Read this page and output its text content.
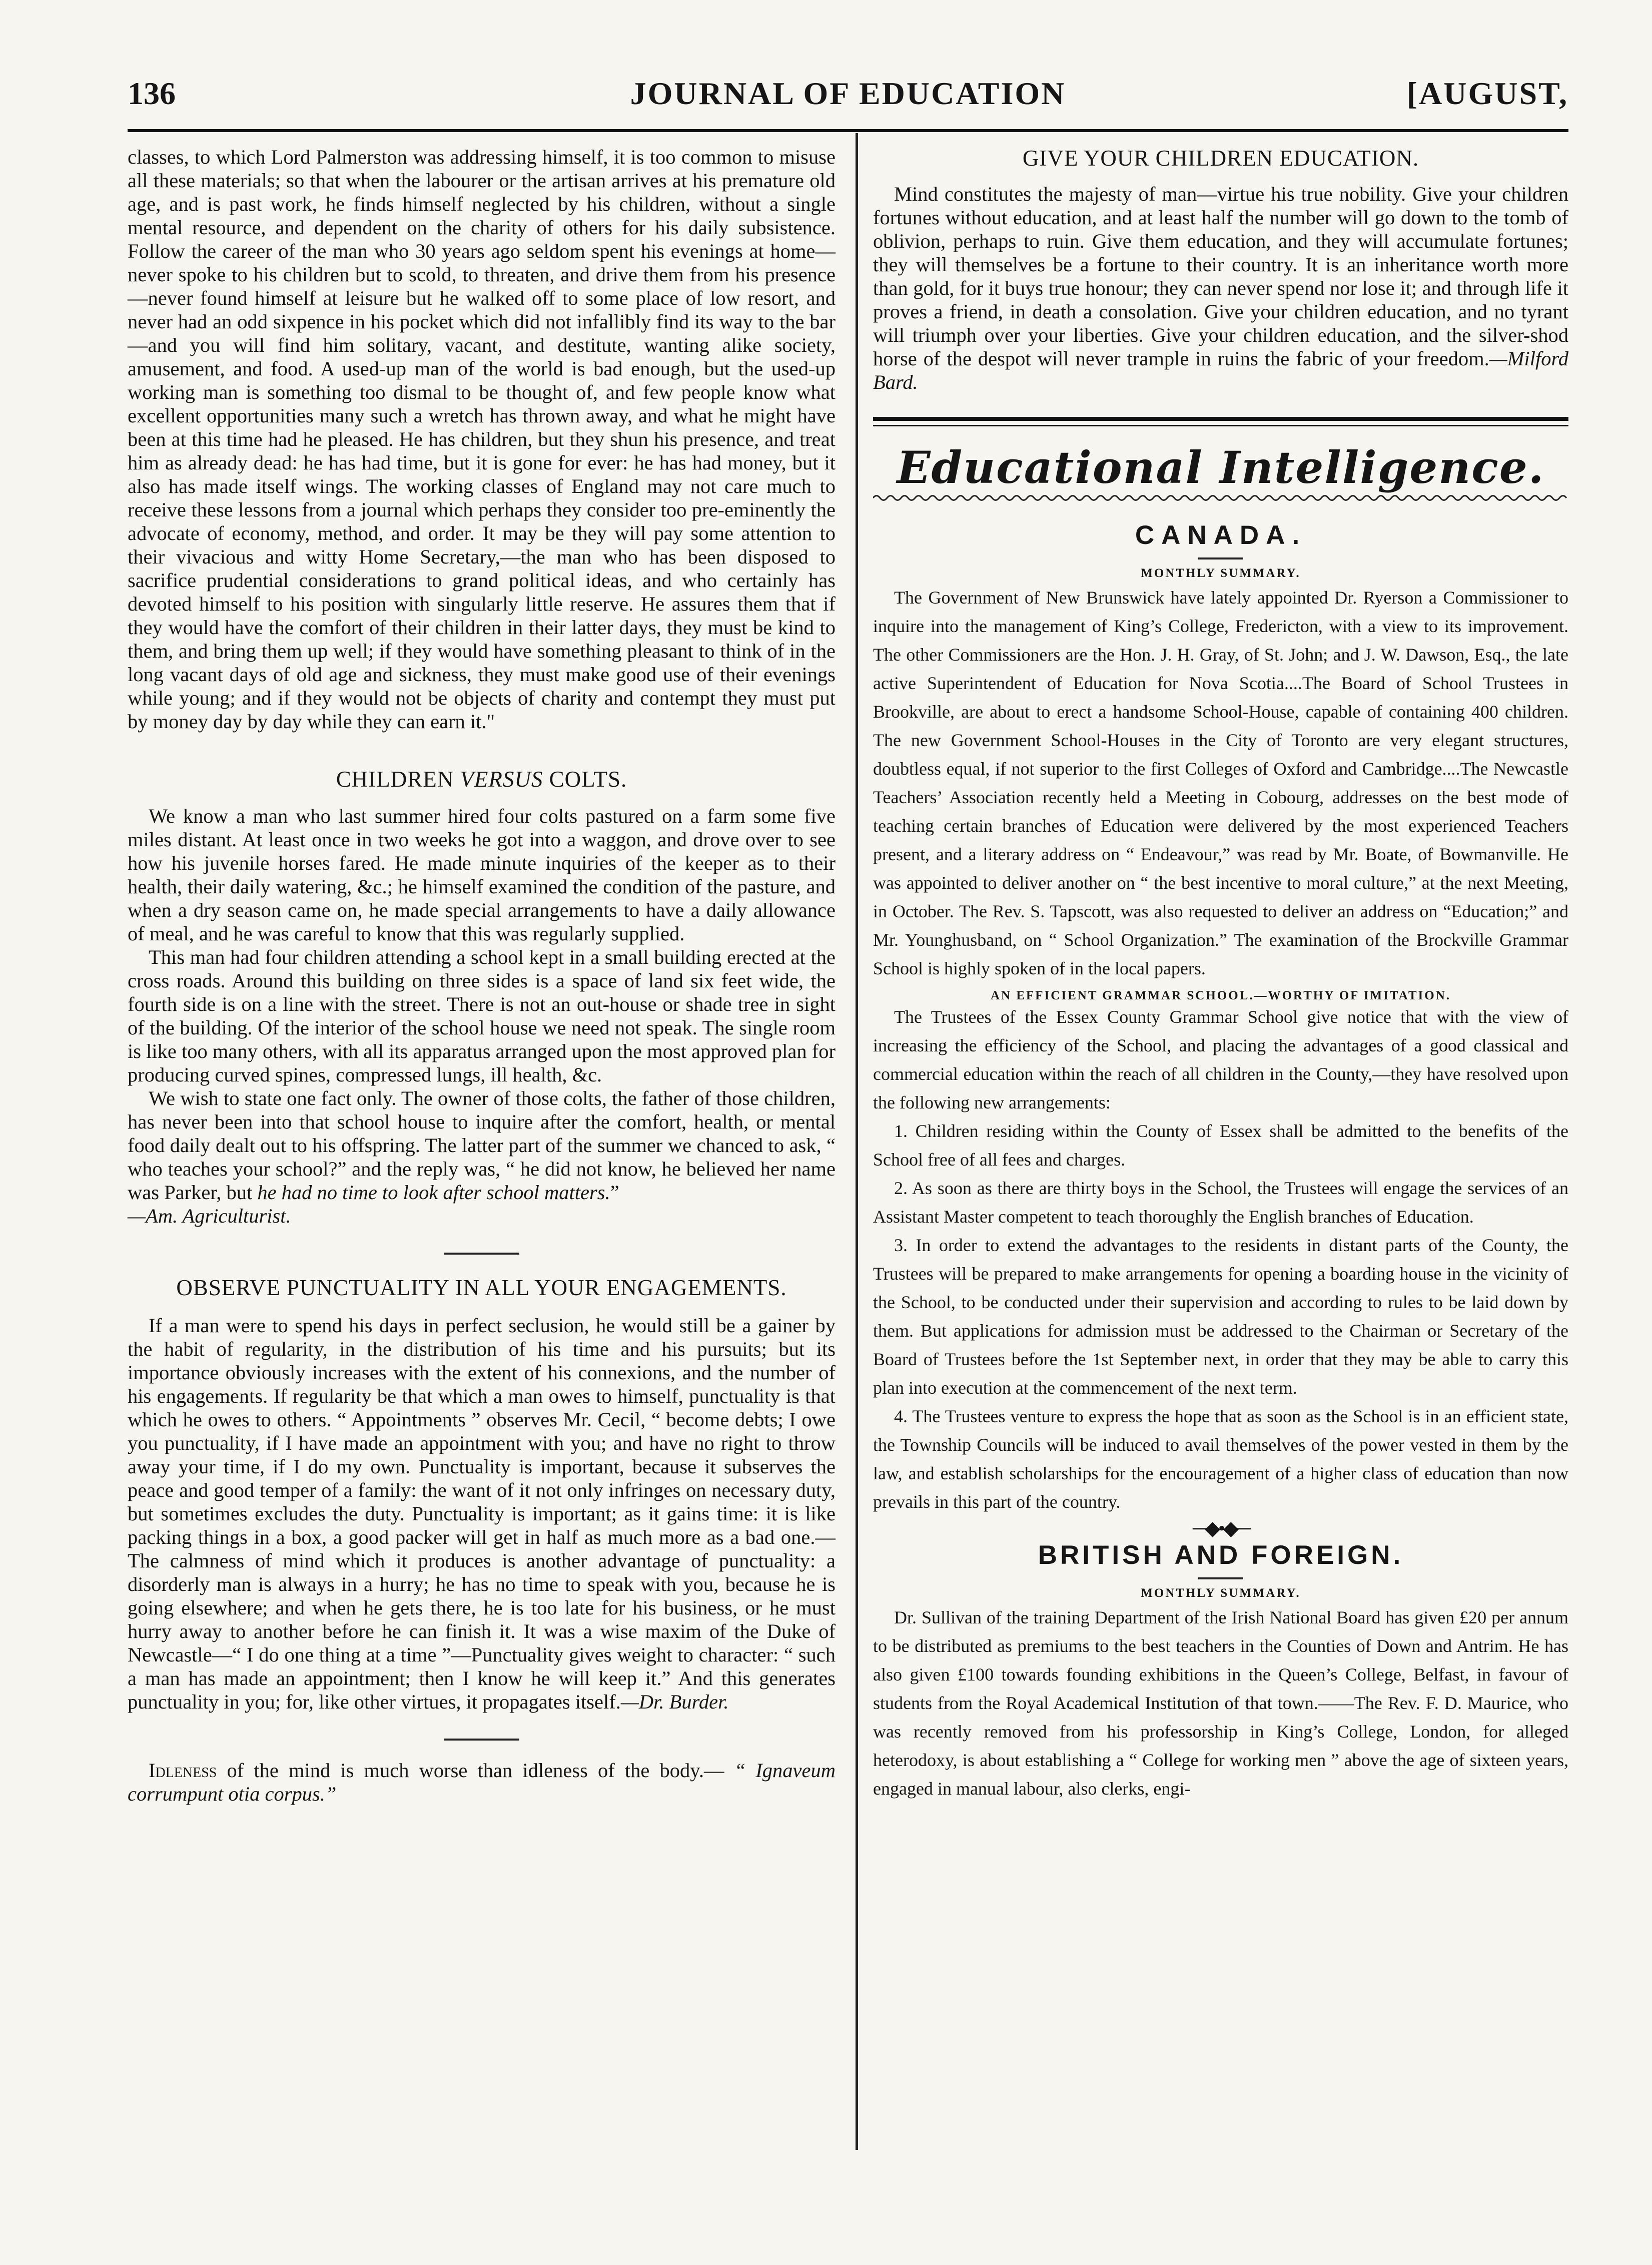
136	JOURNAL OF EDUCATION	[AUGUST,

classes, to which Lord Palmerston was addressing himself, it is too common to misuse all these materials; so that when the labourer or the artisan arrives at his premature old age, and is past work, he finds himself neglected by his children, without a single mental resource, and dependent on the charity of others for his daily subsistence. Follow the career of the man who 30 years ago seldom spent his evenings at home—never spoke to his children but to scold, to threaten, and drive them from his presence—never found himself at leisure but he walked off to some place of low resort, and never had an odd sixpence in his pocket which did not infallibly find its way to the bar—and you will find him solitary, vacant, and destitute, wanting alike society, amusement, and food. A used-up man of the world is bad enough, but the used-up working man is something too dismal to be thought of, and few people know what excellent opportunities many such a wretch has thrown away, and what he might have been at this time had he pleased. He has children, but they shun his presence, and treat him as already dead: he has had time, but it is gone for ever: he has had money, but it also has made itself wings. The working classes of England may not care much to receive these lessons from a journal which perhaps they consider too pre-eminently the advocate of economy, method, and order. It may be they will pay some attention to their vivacious and witty Home Secretary,—the man who has been disposed to sacrifice prudential considerations to grand political ideas, and who certainly has devoted himself to his position with singularly little reserve. He assures them that if they would have the comfort of their children in their latter days, they must be kind to them, and bring them up well; if they would have something pleasant to think of in the long vacant days of old age and sickness, they must make good use of their evenings while young; and if they would not be objects of charity and contempt they must put by money day by day while they can earn it."

CHILDREN VERSUS COLTS.

We know a man who last summer hired four colts pastured on a farm some five miles distant. At least once in two weeks he got into a waggon, and drove over to see how his juvenile horses fared. He made minute inquiries of the keeper as to their health, their daily watering, &c.; he himself examined the condition of the pasture, and when a dry season came on, he made special arrangements to have a daily allowance of meal, and he was careful to know that this was regularly supplied.

This man had four children attending a school kept in a small building erected at the cross roads. Around this building on three sides is a space of land six feet wide, the fourth side is on a line with the street. There is not an out-house or shade tree in sight of the building. Of the interior of the school house we need not speak. The single room is like too many others, with all its apparatus arranged upon the most approved plan for producing curved spines, compressed lungs, ill health, &c.

We wish to state one fact only. The owner of those colts, the father of those children, has never been into that school house to inquire after the comfort, health, or mental food daily dealt out to his offspring. The latter part of the summer we chanced to ask, “ who teaches your school?” and the reply was, “ he did not know, he believed her name was Parker, but he had no time to look after school matters.”

—Am. Agriculturist.

OBSERVE PUNCTUALITY IN ALL YOUR ENGAGEMENTS.

If a man were to spend his days in perfect seclusion, he would still be a gainer by the habit of regularity, in the distribution of his time and his pursuits; but its importance obviously increases with the extent of his connexions, and the number of his engagements. If regularity be that which a man owes to himself, punctuality is that which he owes to others. “ Appointments ” observes Mr. Cecil, “ become debts; I owe you punctuality, if I have made an appointment with you; and have no right to throw away your time, if I do my own. Punctuality is important, because it subserves the peace and good temper of a family: the want of it not only infringes on necessary duty, but sometimes excludes the duty. Punctuality is important; as it gains time: it is like packing things in a box, a good packer will get in half as much more as a bad one.—The calmness of mind which it produces is another advantage of punctuality: a disorderly man is always in a hurry; he has no time to speak with you, because he is going elsewhere; and when he gets there, he is too late for his business, or he must hurry away to another before he can finish it. It was a wise maxim of the Duke of Newcastle—“ I do one thing at a time ”—Punctuality gives weight to character: “ such a man has made an appointment; then I know he will keep it.” And this generates punctuality in you; for, like other virtues, it propagates itself.—Dr. Burder.

Idleness of the mind is much worse than idleness of the body.— “ Ignaveum corrumpunt otia corpus.”

GIVE YOUR CHILDREN EDUCATION.

Mind constitutes the majesty of man—virtue his true nobility. Give your children fortunes without education, and at least half the number will go down to the tomb of oblivion, perhaps to ruin. Give them education, and they will accumulate fortunes; they will themselves be a fortune to their country. It is an inheritance worth more than gold, for it buys true honour; they can never spend nor lose it; and through life it proves a friend, in death a consolation. Give your children education, and no tyrant will triumph over your liberties. Give your children education, and the silver-shod horse of the despot will never trample in ruins the fabric of your freedom.—Milford Bard.

Educational Intelligence.
CANADA.
MONTHLY SUMMARY.

The Government of New Brunswick have lately appointed Dr. Ryerson a Commissioner to inquire into the management of King’s College, Fredericton, with a view to its improvement. The other Commissioners are the Hon. J. H. Gray, of St. John; and J. W. Dawson, Esq., the late active Superintendent of Education for Nova Scotia....The Board of School Trustees in Brookville, are about to erect a handsome School-House, capable of containing 400 children. The new Government School-Houses in the City of Toronto are very elegant structures, doubtless equal, if not superior to the first Colleges of Oxford and Cambridge....The Newcastle Teachers’ Association recently held a Meeting in Cobourg, addresses on the best mode of teaching certain branches of Education were delivered by the most experienced Teachers present, and a literary address on “ Endeavour,” was read by Mr. Boate, of Bowmanville. He was appointed to deliver another on “ the best incentive to moral culture,” at the next Meeting, in October. The Rev. S. Tapscott, was also requested to deliver an address on “Education;” and Mr. Younghusband, on “ School Organization.” The examination of the Brockville Grammar School is highly spoken of in the local papers.

AN EFFICIENT GRAMMAR SCHOOL.—WORTHY OF IMITATION.

The Trustees of the Essex County Grammar School give notice that with the view of increasing the efficiency of the School, and placing the advantages of a good classical and commercial education within the reach of all children in the County,—they have resolved upon the following new arrangements:

1. Children residing within the County of Essex shall be admitted to the benefits of the School free of all fees and charges.

2. As soon as there are thirty boys in the School, the Trustees will engage the services of an Assistant Master competent to teach thoroughly the English branches of Education.

3. In order to extend the advantages to the residents in distant parts of the County, the Trustees will be prepared to make arrangements for opening a boarding house in the vicinity of the School, to be conducted under their supervision and according to rules to be laid down by them. But applications for admission must be addressed to the Chairman or Secretary of the Board of Trustees before the 1st September next, in order that they may be able to carry this plan into execution at the commencement of the next term.

4. The Trustees venture to express the hope that as soon as the School is in an efficient state, the Township Councils will be induced to avail themselves of the power vested in them by the law, and establish scholarships for the encouragement of a higher class of education than now prevails in this part of the country.

─◆•◆─
BRITISH AND FOREIGN.
MONTHLY SUMMARY.

Dr. Sullivan of the training Department of the Irish National Board has given £20 per annum to be distributed as premiums to the best teachers in the Counties of Down and Antrim. He has also given £100 towards founding exhibitions in the Queen’s College, Belfast, in favour of students from the Royal Academical Institution of that town.——The Rev. F. D. Maurice, who was recently removed from his professorship in King’s College, London, for alleged heterodoxy, is about establishing a “ College for working men ” above the age of sixteen years, engaged in manual labour, also clerks, engi-
